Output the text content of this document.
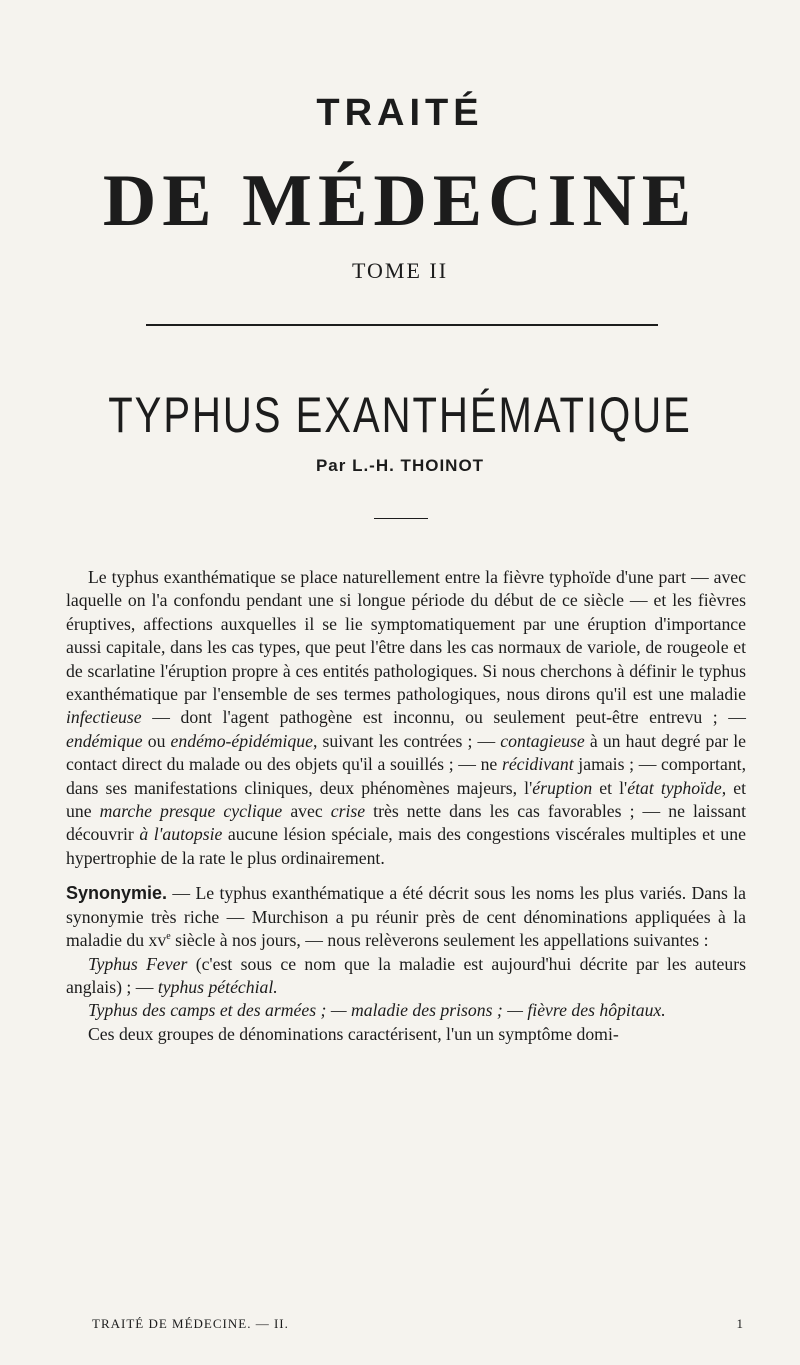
TRAITÉ
DE MÉDECINE
TOME II
TYPHUS EXANTHÉMATIQUE
Par L.-H. THOINOT

Le typhus exanthématique se place naturellement entre la fièvre typhoïde d'une part — avec laquelle on l'a confondu pendant une si longue période du début de ce siècle — et les fièvres éruptives, affections auxquelles il se lie symptomatiquement par une éruption d'importance aussi capitale, dans les cas types, que peut l'être dans les cas normaux de variole, de rougeole et de scarlatine l'éruption propre à ces entités pathologiques. Si nous cherchons à définir le typhus exanthématique par l'ensemble de ses termes pathologiques, nous dirons qu'il est une maladie infectieuse — dont l'agent pathogène est inconnu, ou seulement peut-être entrevu ; — endémique ou endémo-épidémique, suivant les contrées ; — contagieuse à un haut degré par le contact direct du malade ou des objets qu'il a souillés ; — ne récidivant jamais ; — comportant, dans ses manifestations cliniques, deux phénomènes majeurs, l'éruption et l'état typhoïde, et une marche presque cyclique avec crise très nette dans les cas favorables ; — ne laissant découvrir à l'autopsie aucune lésion spéciale, mais des congestions viscérales multiples et une hypertrophie de la rate le plus ordinairement.

Synonymie. — Le typhus exanthématique a été décrit sous les noms les plus variés. Dans la synonymie très riche — Murchison a pu réunir près de cent dénominations appliquées à la maladie du $xv^e$ siècle à nos jours, — nous relèverons seulement les appellations suivantes :

Typhus Fever (c'est sous ce nom que la maladie est aujourd'hui décrite par les auteurs anglais) ; — typhus pétéchial.

Typhus des camps et des armées ; — maladie des prisons ; — fièvre des hôpitaux.

Ces deux groupes de dénominations caractérisent, l'un un symptôme domi-

TRAITÉ DE MÉDECINE. — II.	1
